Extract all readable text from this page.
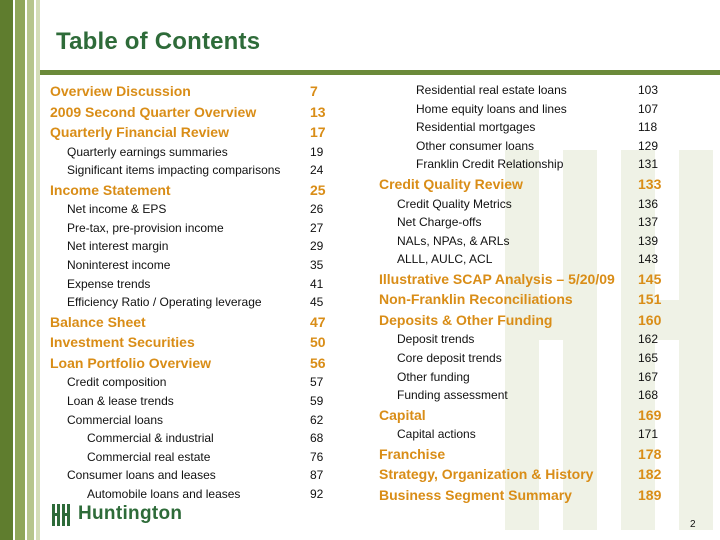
Table of Contents
Overview Discussion	7
2009 Second Quarter Overview	13
Quarterly Financial Review	17
Quarterly earnings summaries	19
Significant items impacting comparisons 24
Income Statement	25
Net income & EPS	26
Pre-tax, pre-provision income	27
Net interest margin	29
Noninterest income	35
Expense trends	41
Efficiency Ratio / Operating leverage	45
Balance Sheet	47
Investment Securities	50
Loan Portfolio Overview	56
Credit composition	57
Loan & lease trends	59
Commercial loans	62
Commercial & industrial	68
Commercial real estate	76
Consumer loans and leases	87
Automobile loans and leases	92
Residential real estate loans	103
Home equity loans and lines	107
Residential mortgages	118
Other consumer loans	129
Franklin Credit Relationship	131
Credit Quality Review	133
Credit Quality Metrics	136
Net Charge-offs	137
NALs, NPAs, & ARLs	139
ALLL, AULC, ACL	143
Illustrative SCAP Analysis – 5/20/09 145
Non-Franklin Reconciliations	151
Deposits & Other Funding	160
Deposit trends	162
Core deposit trends	165
Other funding	167
Funding assessment	168
Capital	169
Capital actions	171
Franchise	178
Strategy, Organization & History	182
Business Segment Summary	189
Huntington
2
